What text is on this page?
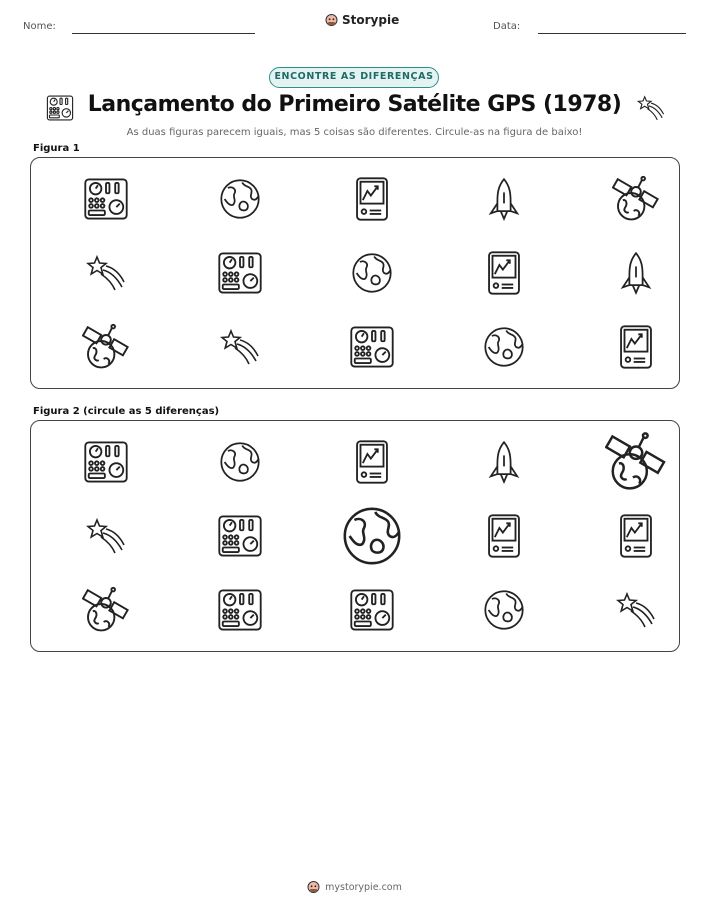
Nome:	Storypie	Data:
ENCONTRE AS DIFERENÇAS
Lançamento do Primeiro Satélite GPS (1978)
As duas figuras parecem iguais, mas 5 coisas são diferentes. Circule-as na figura de baixo!
Figura 1
Figura 2 (circule as 5 diferenças)
mystorypie.com
